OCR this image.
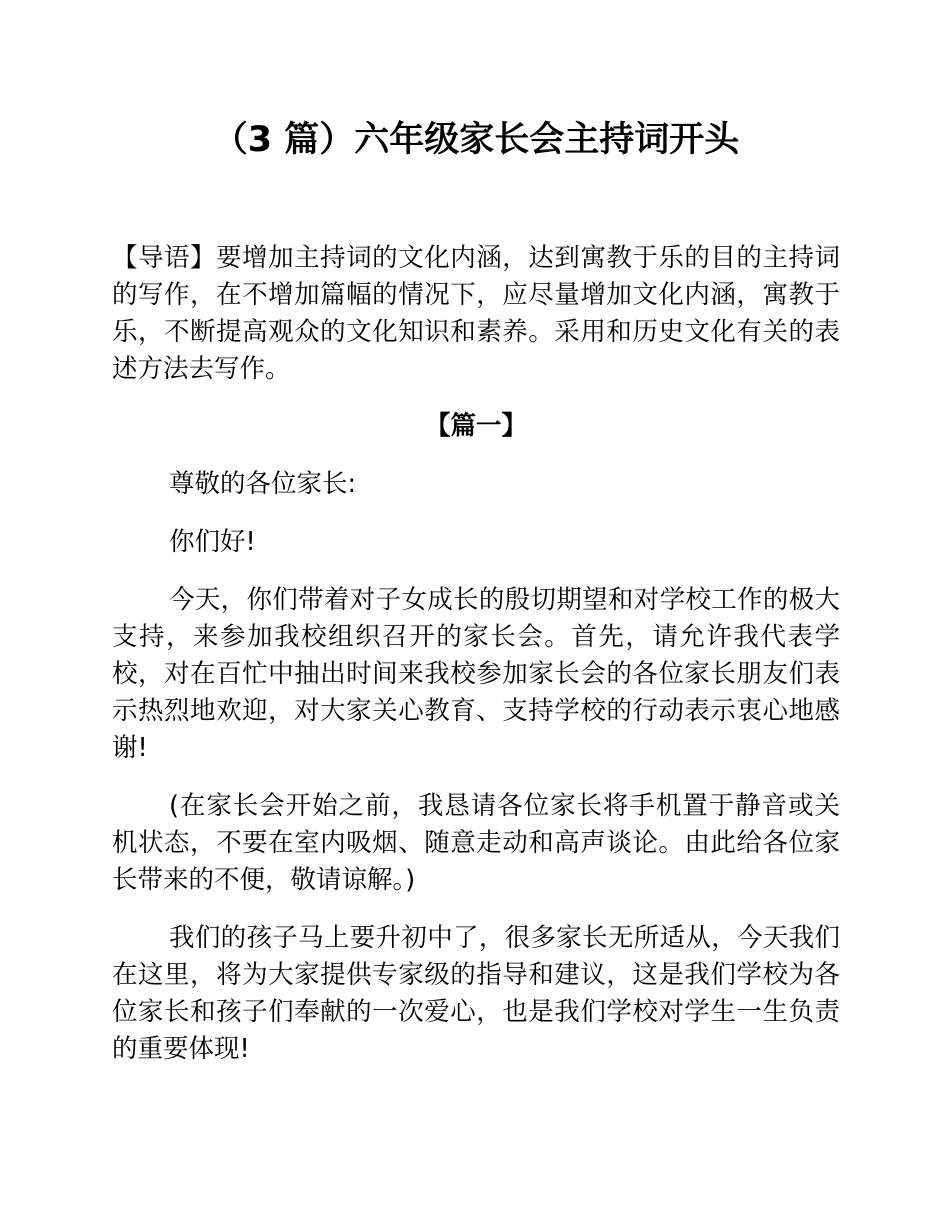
（3 篇）六年级家长会主持词开头

【导语】要增加主持词的文化内涵，达到寓教于乐的目的主持词的写作，在不增加篇幅的情况下，应尽量增加文化内涵，寓教于乐，不断提高观众的文化知识和素养。采用和历史文化有关的表述方法去写作。

【篇一】

尊敬的各位家长:

你们好!

今天，你们带着对子女成长的殷切期望和对学校工作的极大支持，来参加我校组织召开的家长会。首先，请允许我代表学校，对在百忙中抽出时间来我校参加家长会的各位家长朋友们表示热烈地欢迎，对大家关心教育、支持学校的行动表示衷心地感谢!

(在家长会开始之前，我恳请各位家长将手机置于静音或关机状态，不要在室内吸烟、随意走动和高声谈论。由此给各位家长带来的不便，敬请谅解。)

我们的孩子马上要升初中了，很多家长无所适从，今天我们在这里，将为大家提供专家级的指导和建议，这是我们学校为各位家长和孩子们奉献的一次爱心，也是我们学校对学生一生负责的重要体现!
